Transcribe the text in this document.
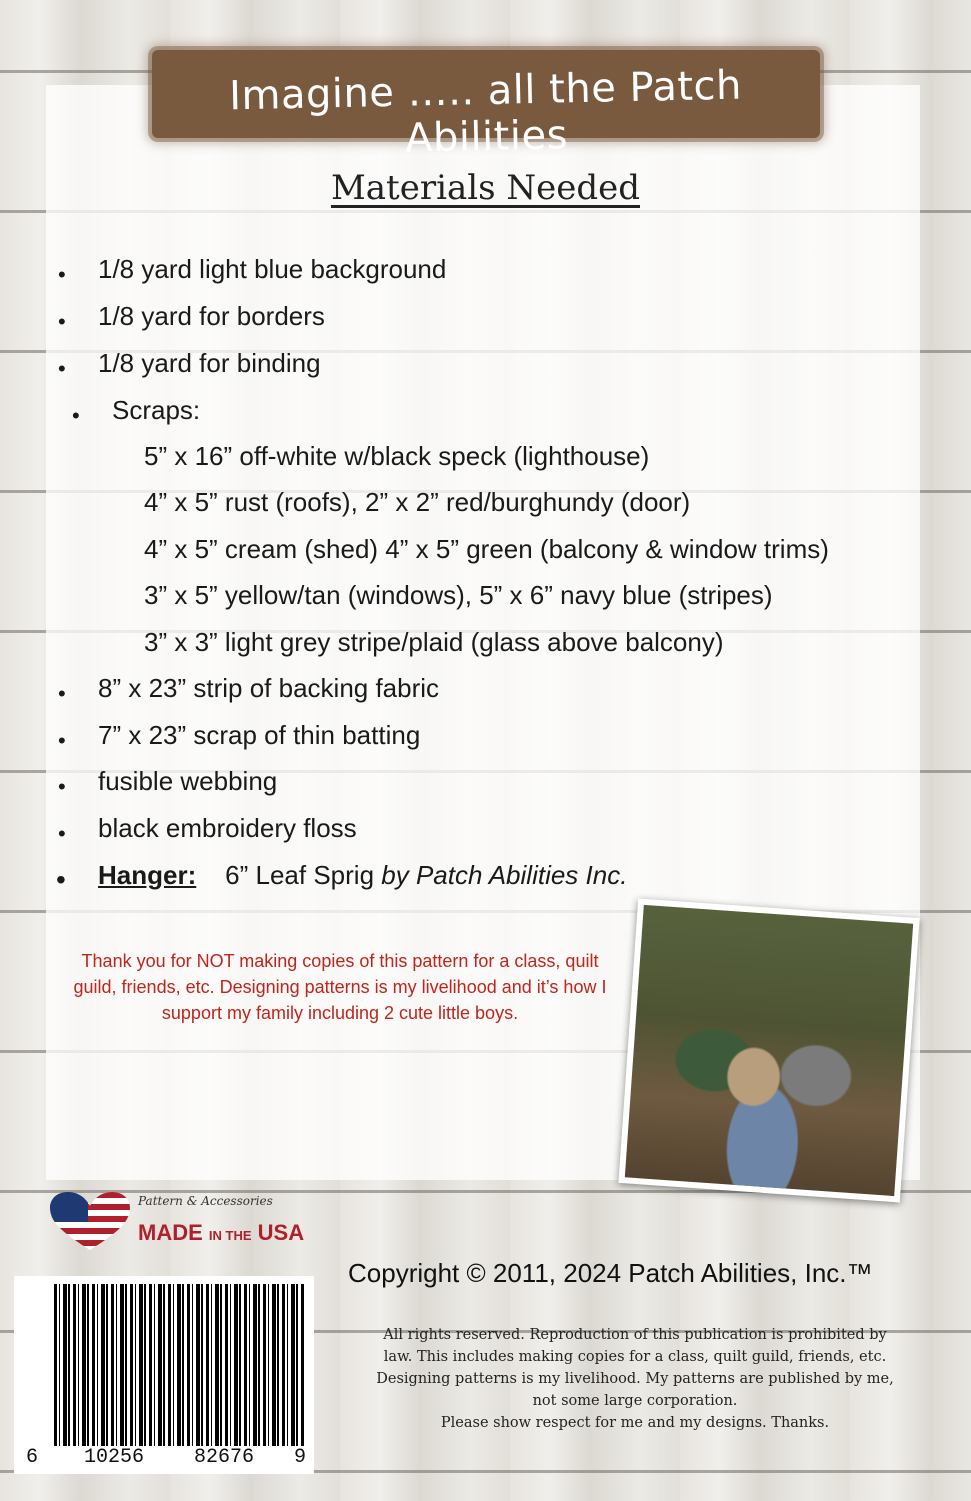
Imagine ….. all the Patch Abilities
Materials Needed
• 1/8 yard light blue background
• 1/8 yard for borders
• 1/8 yard for binding
• Scraps:
5” x 16” off-white w/black speck (lighthouse)
4” x 5” rust (roofs), 2” x 2” red/burghundy (door)
4” x 5” cream (shed) 4” x 5” green (balcony & window trims)
3” x 5” yellow/tan (windows), 5” x 6” navy blue (stripes)
3” x 3” light grey stripe/plaid (glass above balcony)
• 8” x 23” strip of backing fabric
• 7” x 23” scrap of thin batting
• fusible webbing
• black embroidery floss
• Hanger: 6” Leaf Sprig by Patch Abilities Inc.
Thank you for NOT making copies of this pattern for a class, quilt guild, friends, etc. Designing patterns is my livelihood and it’s how I support my family including 2 cute little boys.
Pattern & Accessories
MADE IN THE USA
6 10256 82676 9
Copyright © 2011, 2024 Patch Abilities, Inc.™
All rights reserved. Reproduction of this publication is prohibited by
law. This includes making copies for a class, quilt guild, friends, etc.
Designing patterns is my livelihood. My patterns are published by me,
not some large corporation.
Please show respect for me and my designs. Thanks.
